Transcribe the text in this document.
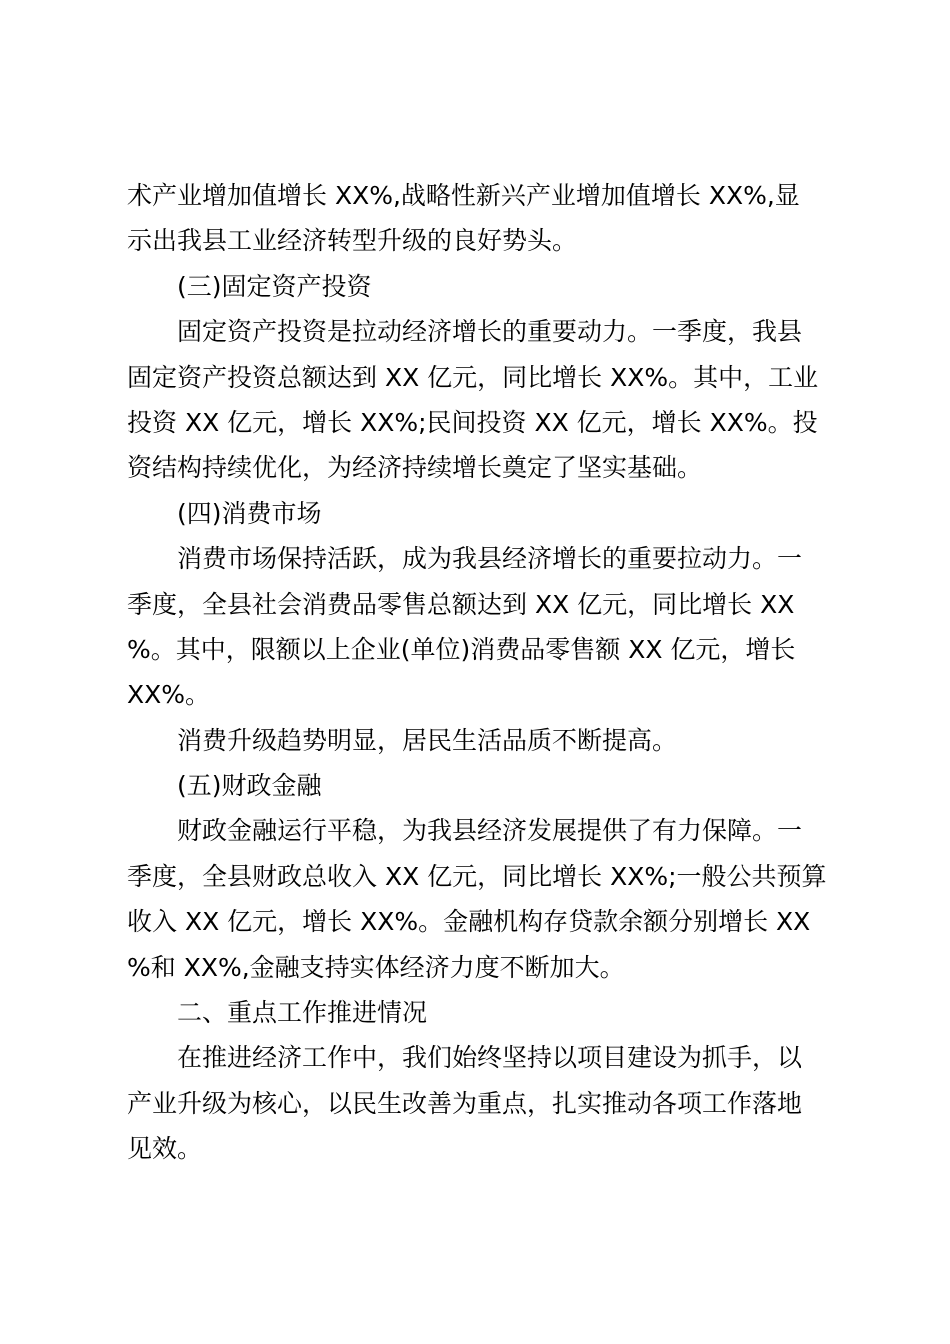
术产业增加值增长 XX%,战略性新兴产业增加值增长 XX%,显
示出我县工业经济转型升级的良好势头。
(三)固定资产投资
固定资产投资是拉动经济增长的重要动力。一季度，我县
固定资产投资总额达到 XX 亿元，同比增长 XX%。其中，工业
投资 XX 亿元，增长 XX%;民间投资 XX 亿元，增长 XX%。投
资结构持续优化，为经济持续增长奠定了坚实基础。
(四)消费市场
消费市场保持活跃，成为我县经济增长的重要拉动力。一
季度，全县社会消费品零售总额达到 XX 亿元，同比增长 XX
%。其中，限额以上企业(单位)消费品零售额 XX 亿元，增长
XX%。
消费升级趋势明显，居民生活品质不断提高。
(五)财政金融
财政金融运行平稳，为我县经济发展提供了有力保障。一
季度，全县财政总收入 XX 亿元，同比增长 XX%;一般公共预算
收入 XX 亿元，增长 XX%。金融机构存贷款余额分别增长 XX
%和 XX%,金融支持实体经济力度不断加大。
二、重点工作推进情况
在推进经济工作中，我们始终坚持以项目建设为抓手，以
产业升级为核心，以民生改善为重点，扎实推动各项工作落地
见效。
